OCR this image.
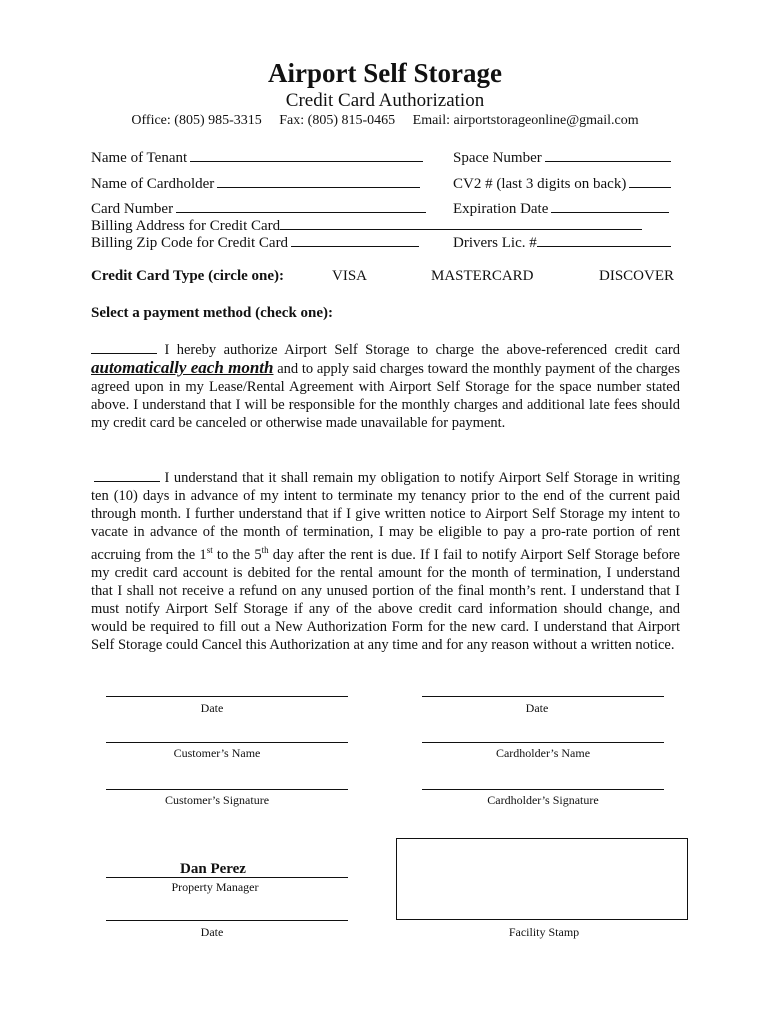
Airport Self Storage
Credit Card Authorization
Office: (805) 985-3315 Fax: (805) 815-0465 Email: airportstorageonline@gmail.com
Name of Tenant	Space Number
Name of Cardholder	CV2 # (last 3 digits on back)
Card Number	Expiration Date
Billing Address for Credit Card
Billing Zip Code for Credit Card	Drivers Lic. #
Credit Card Type (circle one):	VISA	MASTERCARD	DISCOVER
Select a payment method (check one):
I hereby authorize Airport Self Storage to charge the above-referenced credit card automatically each month and to apply said charges toward the monthly payment of the charges agreed upon in my Lease/Rental Agreement with Airport Self Storage for the space number stated above. I understand that I will be responsible for the monthly charges and additional late fees should my credit card be canceled or otherwise made unavailable for payment.
I understand that it shall remain my obligation to notify Airport Self Storage in writing ten (10) days in advance of my intent to terminate my tenancy prior to the end of the current paid through month. I further understand that if I give written notice to Airport Self Storage my intent to vacate in advance of the month of termination, I may be eligible to pay a pro-rate portion of rent accruing from the 1st to the 5th day after the rent is due. If I fail to notify Airport Self Storage before my credit card account is debited for the rental amount for the month of termination, I understand that I shall not receive a refund on any unused portion of the final month’s rent. I understand that I must notify Airport Self Storage if any of the above credit card information should change, and would be required to fill out a New Authorization Form for the new card. I understand that Airport Self Storage could Cancel this Authorization at any time and for any reason without a written notice.
Date	Date
Customer’s Name	Cardholder’s Name
Customer’s Signature	Cardholder’s Signature
Dan Perez
Property Manager
Date	Facility Stamp
